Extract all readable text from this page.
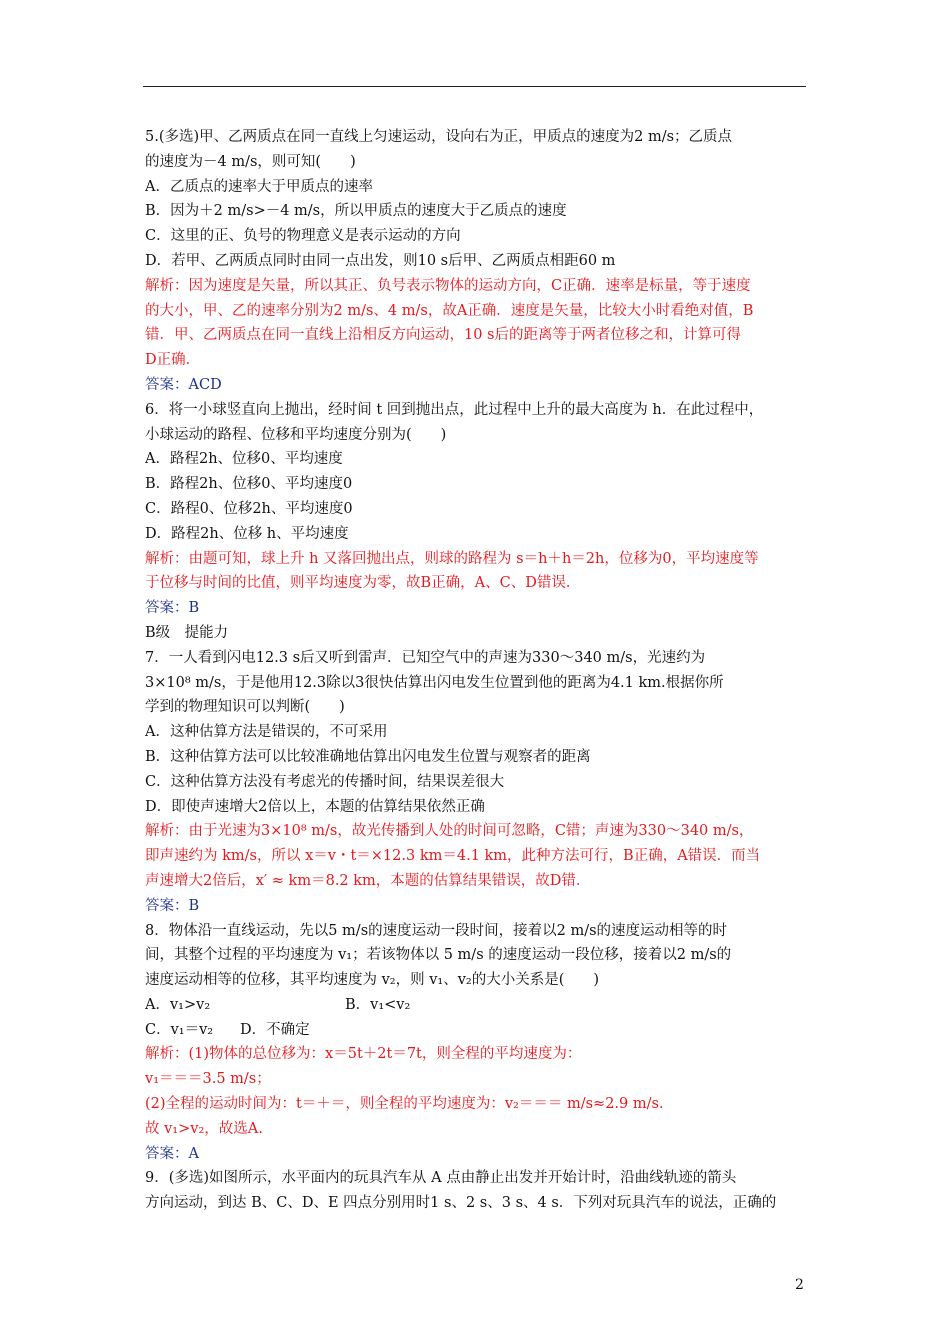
5.(多选)甲、乙两质点在同一直线上匀速运动，设向右为正，甲质点的速度为2 m/s；乙质点
的速度为－4 m/s，则可知(　　)
A．乙质点的速率大于甲质点的速率
B．因为＋2 m/s>－4 m/s，所以甲质点的速度大于乙质点的速度
C．这里的正、负号的物理意义是表示运动的方向
D．若甲、乙两质点同时由同一点出发，则10 s后甲、乙两质点相距60 m
解析：因为速度是矢量，所以其正、负号表示物体的运动方向，C正确．速率是标量，等于速度
的大小，甲、乙的速率分别为2 m/s、4 m/s，故A正确．速度是矢量，比较大小时看绝对值，B
错．甲、乙两质点在同一直线上沿相反方向运动，10 s后的距离等于两者位移之和，计算可得
D正确．
答案：ACD
6．将一小球竖直向上抛出，经时间 t 回到抛出点，此过程中上升的最大高度为 h．在此过程中，
小球运动的路程、位移和平均速度分别为(　　)
A．路程2h、位移0、平均速度
B．路程2h、位移0、平均速度0
C．路程0、位移2h、平均速度0
D．路程2h、位移 h、平均速度
解析：由题可知，球上升 h 又落回抛出点，则球的路程为 s＝h＋h＝2h，位移为0，平均速度等
于位移与时间的比值，则平均速度为零，故B正确，A、C、D错误．
答案：B
B级　提能力
7．一人看到闪电12.3 s后又听到雷声．已知空气中的声速为330～340 m/s，光速约为
3×10⁸ m/s，于是他用12.3除以3很快估算出闪电发生位置到他的距离为4.1 km.根据你所
学到的物理知识可以判断(　　)
A．这种估算方法是错误的，不可采用
B．这种估算方法可以比较准确地估算出闪电发生位置与观察者的距离
C．这种估算方法没有考虑光的传播时间，结果误差很大
D．即使声速增大2倍以上，本题的估算结果依然正确
解析：由于光速为3×10⁸ m/s，故光传播到人处的时间可忽略，C错；声速为330～340 m/s，
即声速约为 km/s，所以 x＝v・t＝×12.3 km＝4.1 km，此种方法可行，B正确，A错误．而当
声速增大2倍后，x′ ≈ km＝8.2 km，本题的估算结果错误，故D错．
答案：B
8．物体沿一直线运动，先以5 m/s的速度运动一段时间，接着以2 m/s的速度运动相等的时
间，其整个过程的平均速度为 v₁；若该物体以 5 m/s 的速度运动一段位移，接着以2 m/s的
速度运动相等的位移，其平均速度为 v₂，则 v₁、v₂的大小关系是(　　)
A．v₁>v₂	B．v₁<v₂
C．v₁＝v₂	D．不确定
解析：(1)物体的总位移为：x＝5t＋2t＝7t，则全程的平均速度为：
v₁＝＝＝3.5 m/s；
(2)全程的运动时间为：t＝＋＝，则全程的平均速度为：v₂＝＝＝ m/s≈2.9 m/s.
故 v₁>v₂，故选A.
答案：A
9．(多选)如图所示，水平面内的玩具汽车从 A 点由静止出发并开始计时，沿曲线轨迹的箭头
方向运动，到达 B、C、D、E 四点分别用时1 s、2 s、3 s、4 s．下列对玩具汽车的说法，正确的
2
